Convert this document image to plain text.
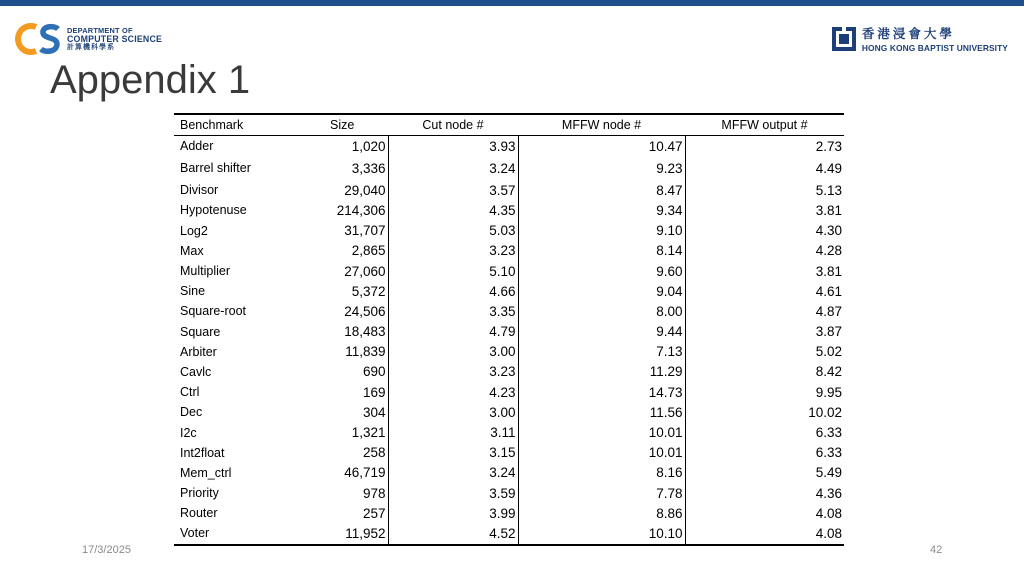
DEPARTMENT OF
COMPUTER SCIENCE
計算機科學系
香港浸會大學
HONG KONG BAPTIST UNIVERSITY
Appendix 1
Benchmark	Size	Cut node #	MFFW node #	MFFW output #
Adder	1,020	3.93	10.47	2.73
Barrel shifter	3,336	3.24	9.23	4.49
Divisor	29,040	3.57	8.47	5.13
Hypotenuse	214,306	4.35	9.34	3.81
Log2	31,707	5.03	9.10	4.30
Max	2,865	3.23	8.14	4.28
Multiplier	27,060	5.10	9.60	3.81
Sine	5,372	4.66	9.04	4.61
Square-root	24,506	3.35	8.00	4.87
Square	18,483	4.79	9.44	3.87
Arbiter	11,839	3.00	7.13	5.02
Cavlc	690	3.23	11.29	8.42
Ctrl	169	4.23	14.73	9.95
Dec	304	3.00	11.56	10.02
I2c	1,321	3.11	10.01	6.33
Int2float	258	3.15	10.01	6.33
Mem_ctrl	46,719	3.24	8.16	5.49
Priority	978	3.59	7.78	4.36
Router	257	3.99	8.86	4.08
Voter	11,952	4.52	10.10	4.08
17/3/2025	42
